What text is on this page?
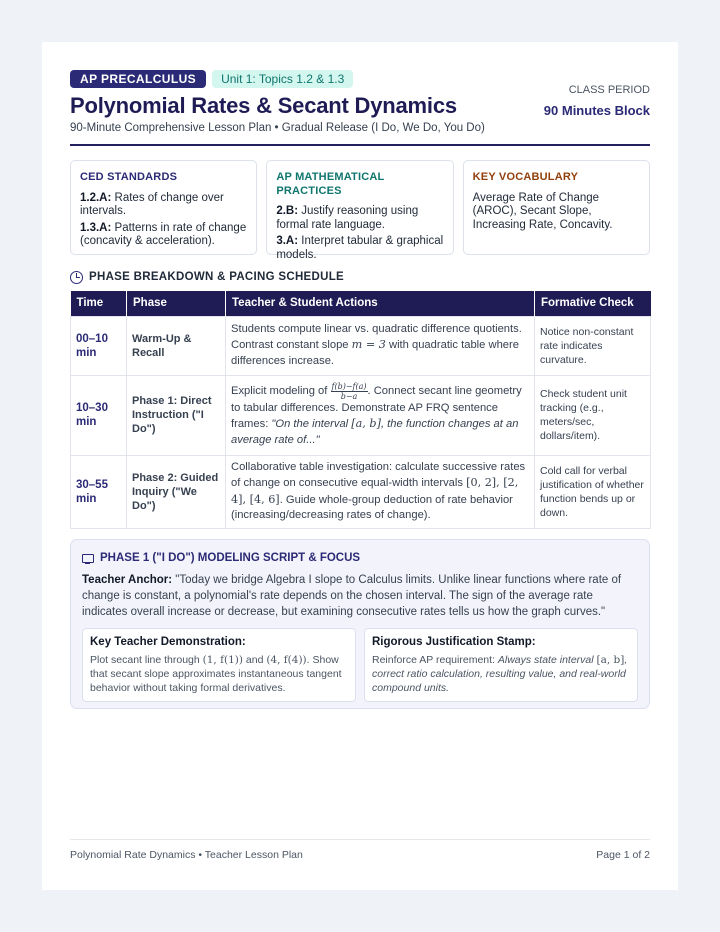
AP PRECALCULUS	Unit 1: Topics 1.2 & 1.3
Polynomial Rates & Secant Dynamics
90-Minute Comprehensive Lesson Plan • Gradual Release (I Do, We Do, You Do)
CLASS PERIOD
90 Minutes Block
CED STANDARDS
1.2.A: Rates of change over intervals.
1.3.A: Patterns in rate of change (concavity & acceleration).
AP MATHEMATICAL PRACTICES
2.B: Justify reasoning using formal rate language.
3.A: Interpret tabular & graphical models.
KEY VOCABULARY
Average Rate of Change (AROC), Secant Slope, Increasing Rate, Concavity.
PHASE BREAKDOWN & PACING SCHEDULE
Time	Phase	Teacher & Student Actions	Formative Check
00–10 min	Warm-Up & Recall	Students compute linear vs. quadratic difference quotients. Contrast constant slope m = 3 with quadratic table where differences increase.	Notice non-constant rate indicates curvature.
10–30 min	Phase 1: Direct Instruction ("I Do")	Explicit modeling of $\frac{f(b)-f(a)}{b-a}$ . Connect secant line geometry to tabular differences. Demonstrate AP FRQ sentence frames: "On the interval [a, b], the function changes at an average rate of..."	Check student unit tracking (e.g., meters/sec, dollars/item).
30–55 min	Phase 2: Guided Inquiry ("We Do")	Collaborative table investigation: calculate successive rates of change on consecutive equal-width intervals [0, 2], [2, 4], [4, 6]. Guide whole-group deduction of rate behavior (increasing/decreasing rates of change).	Cold call for verbal justification of whether function bends up or down.
PHASE 1 ("I DO") MODELING SCRIPT & FOCUS
Teacher Anchor: "Today we bridge Algebra I slope to Calculus limits. Unlike linear functions where rate of change is constant, a polynomial's rate depends on the chosen interval. The sign of the average rate indicates overall increase or decrease, but examining consecutive rates tells us how the graph curves."
Key Teacher Demonstration:
Plot secant line through (1, f(1)) and (4, f(4)). Show that secant slope approximates instantaneous tangent behavior without taking formal derivatives.
Rigorous Justification Stamp:
Reinforce AP requirement: Always state interval [a, b], correct ratio calculation, resulting value, and real-world compound units.
Polynomial Rate Dynamics • Teacher Lesson Plan	Page 1 of 2
